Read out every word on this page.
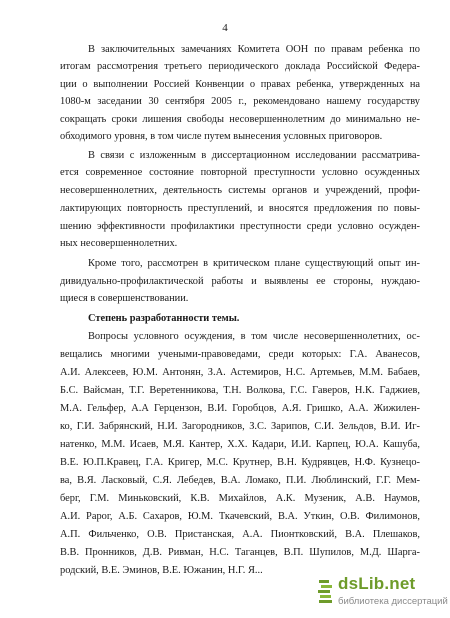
4
В заключительных замечаниях Комитета ООН по правам ребенка по
итогам рассмотрения третьего периодического доклада Российской Федера-
ции о выполнении Россией Конвенции о правах ребенка, утвержденных на
1080-м заседании 30 сентября 2005 г., рекомендовано нашему государству
сокращать сроки лишения свободы несовершеннолетним до минимально не-
обходимого уровня, в том числе путем вынесения условных приговоров.
В связи с изложенным в диссертационном исследовании рассматрива-
ется современное состояние повторной преступности условно осужденных
несовершеннолетних, деятельность системы органов и учреждений, профи-
лактирующих повторность преступлений, и вносятся предложения по повы-
шению эффективности профилактики преступности среди условно осужден-
ных несовершеннолетних.
Кроме того, рассмотрен в критическом плане существующий опыт ин-
дивидуально-профилактической работы и выявлены ее стороны, нуждаю-
щиеся в совершенствовании.
Степень разработанности темы.
Вопросы условного осуждения, в том числе несовершеннолетних, ос-
вещались многими учеными-правоведами, среди которых: Г.А. Аванесов,
А.И. Алексеев, Ю.М. Антонян, З.А. Астемиров, Н.С. Артемьев, М.М. Бабаев,
Б.С. Вайсман, Т.Г. Веретенникова, Т.Н. Волкова, Г.С. Гаверов, Н.К. Гаджиев,
М.А. Гельфер, А.А Герцензон, В.И. Горобцов, А.Я. Гришко, А.А. Жижилен-
ко, Г.И. Забрянский, Н.И. Загородников, З.С. Зарипов, С.И. Зельдов, В.И. Иг-
натенко, М.М. Исаев, М.Я. Кантер, Х.Х. Кадари, И.И. Карпец, Ю.А. Кашуба,
В.Е. Ю.П.Кравец, Г.А. Кригер, М.С. Крутнер, В.Н. Кудрявцев, Н.Ф. Кузнецо-
ва, В.Я. Ласковый, С.Я. Лебедев, В.А. Ломако, П.И. Люблинский, Г.Г. Мем-
берг, Г.М. Миньковский, К.В. Михайлов, А.К. Музеник, А.В. Наумов,
А.И. Рарог, А.Б. Сахаров, Ю.М. Ткачевский, В.А. Уткин, О.В. Филимонов,
А.П. Фильченко, О.В. Пристанская, А.А. Пионтковский, В.А. Плешаков,
В.В. Пронников, Д.В. Ривман, Н.С. Таганцев, В.П. Шупилов, М.Д. Шарга-
родский, В.Е. Эминов, В.Е. Южанин, Н.Г. Я...
dsLib.net
библиотека диссертаций
